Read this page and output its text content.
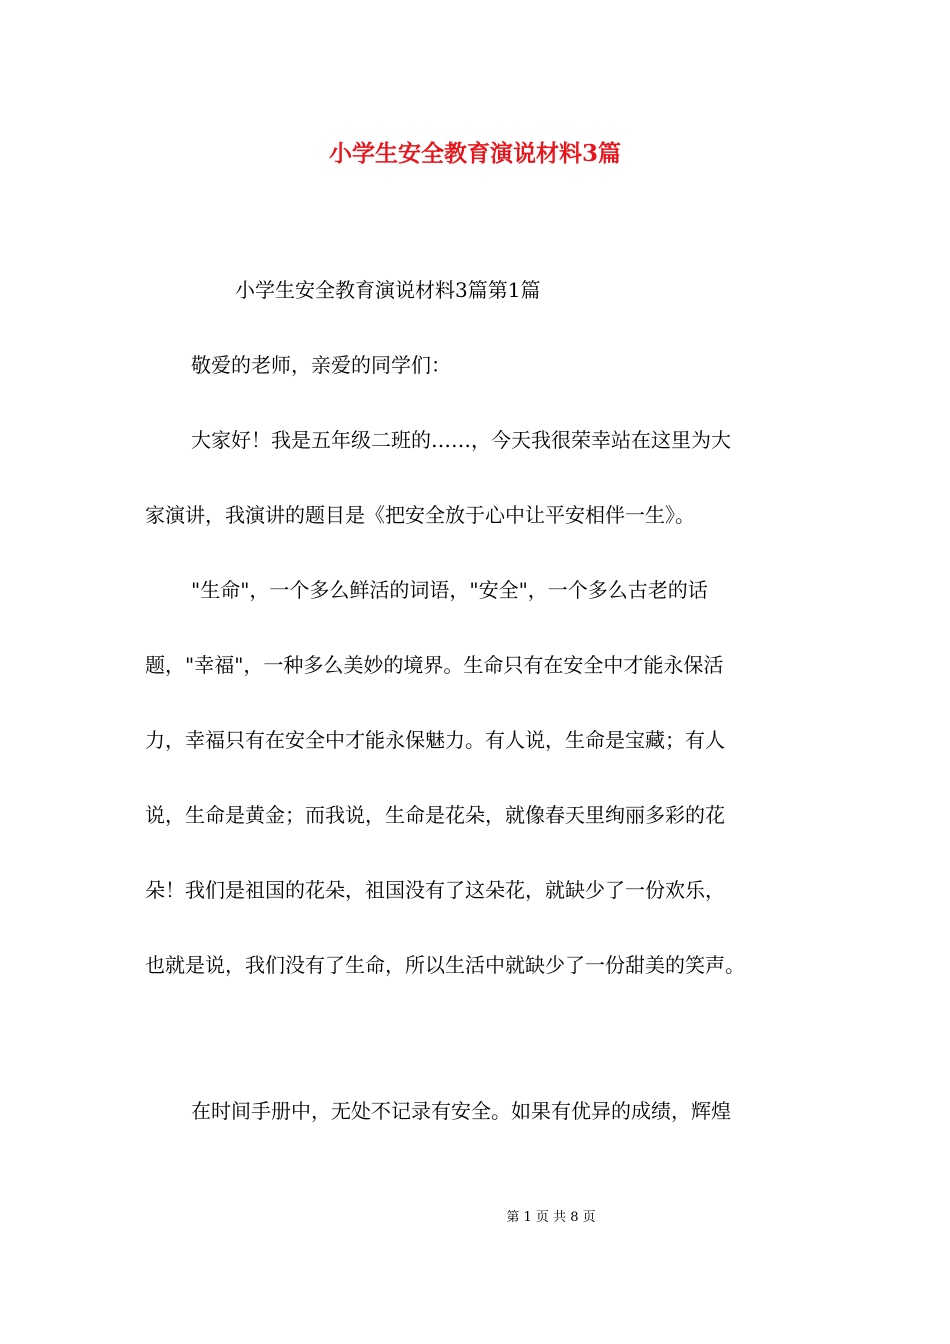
小学生安全教育演说材料3篇

小学生安全教育演说材料3篇第1篇

敬爱的老师，亲爱的同学们：

大家好！我是五年级二班的……，今天我很荣幸站在这里为大

家演讲，我演讲的题目是《把安全放于心中让平安相伴一生》。

"生命"，一个多么鲜活的词语，"安全"，一个多么古老的话

题，"幸福"，一种多么美妙的境界。生命只有在安全中才能永保活

力，幸福只有在安全中才能永保魅力。有人说，生命是宝藏；有人

说，生命是黄金；而我说，生命是花朵，就像春天里绚丽多彩的花

朵！我们是祖国的花朵，祖国没有了这朵花，就缺少了一份欢乐，

也就是说，我们没有了生命，所以生活中就缺少了一份甜美的笑声。

在时间手册中，无处不记录有安全。如果有优异的成绩，辉煌

第 1 页 共 8 页
